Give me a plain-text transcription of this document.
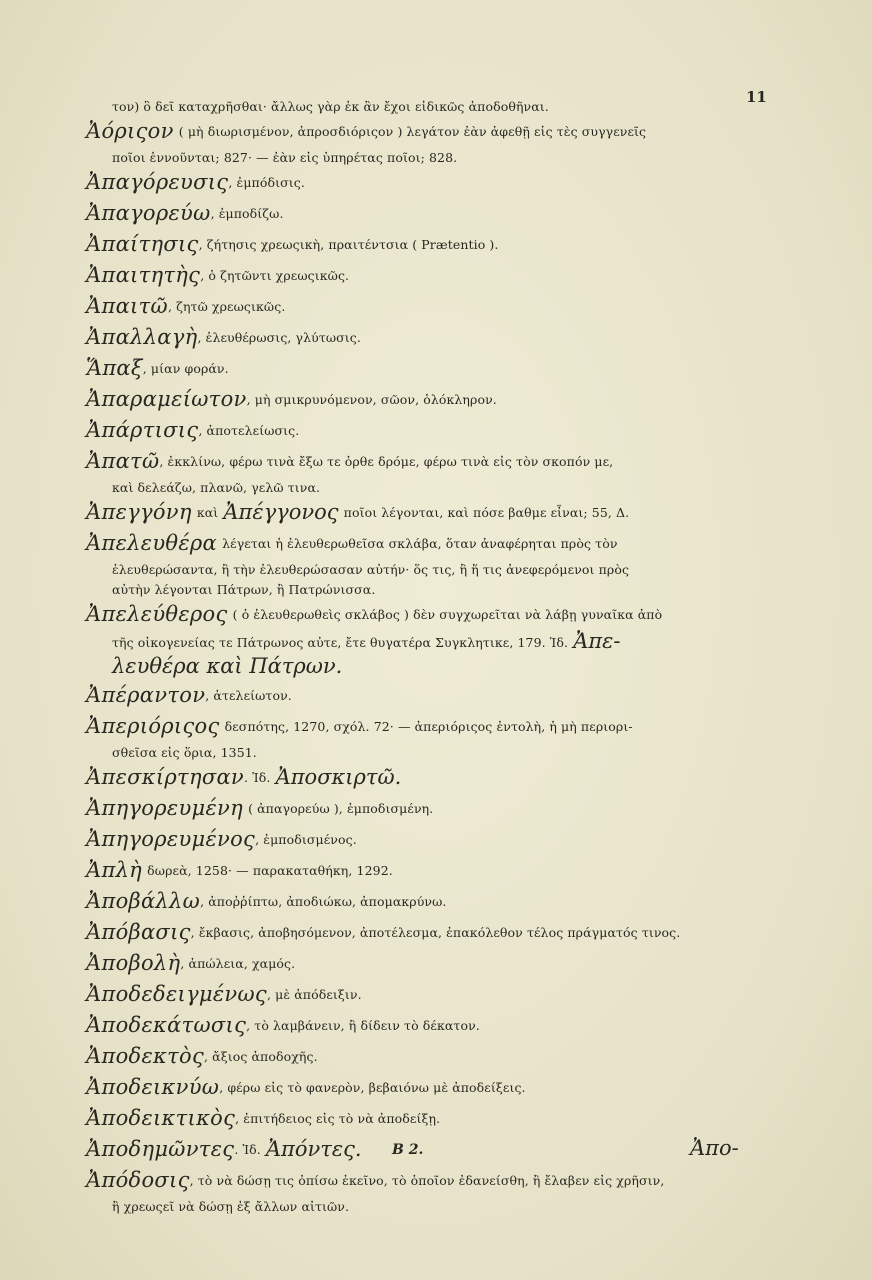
11
τον) ὃ δεῖ καταχρῆσθαι· ἄλλως γὰρ ἐκ ἂν ἔχοι εἰδικῶς ἀποδοθῆναι.
Ἀόριςον
( μὴ διωρισμένον, ἀπροσδιόριςον ) λεγάτον ἐὰν ἀφεθῇ εἰς τὲς συγγενεῖς
ποῖοι ἐννοῦνται; 827· — ἐὰν εἰς ὑπηρέτας ποῖοι; 828.
Ἀπαγόρευσις , ἐμπόδισις.
Ἀπαγορεύω , ἐμποδίζω.
Ἀπαίτησις , ζήτησις χρεωςικὴ, πραιτέντσια ( Prætentio ).
Ἀπαιτητὴς , ὁ ζητῶντι χρεωςικῶς.
Ἀπαιτῶ , ζητῶ χρεωςικῶς.
Ἀπαλλαγὴ , ἐλευθέρωσις, γλύτωσις.
Ἅπαξ , μίαν φοράν.
Ἀπαραμείωτον , μὴ σμικρυνόμενον, σῶον, ὁλόκληρον.
Ἀπάρτισις , ἀποτελείωσις.
Ἀπατῶ , ἐκκλίνω, φέρω τινὰ ἔξω τε ὀρθε δρόμε, φέρω τινὰ εἰς τὸν σκοπόν με,
καὶ δελεάζω, πλανῶ, γελῶ τινα.
Ἀπεγγόνη
καὶ
Ἀπέγγονος
ποῖοι λέγονται, καὶ πόσε βαθμε εἶναι; 55, Δ.
Ἀπελευθέρα
λέγεται ἡ ἐλευθερωθεῖσα σκλάβα, ὅταν ἀναφέρηται πρὸς τὸν
ἐλευθερώσαντα, ἢ τὴν ἐλευθερώσασαν αὐτήν· ὅς τις, ἢ ἥ τις ἀνεφερόμενοι πρὸς
αὐτὴν λέγονται Πάτρων, ἢ Πατρώνισσα.
Ἀπελεύθερος
( ὁ ἐλευθερωθεὶς σκλάβος ) δὲν συγχωρεῖται νὰ λάβῃ γυναῖκα ἀπὸ
τῆς οἰκογενείας τε Πάτρωνος αὐτε, ἔτε θυγατέρα Συγκλητικε, 179. Ἰδ.
Ἀπε-
λευθέρα καὶ Πάτρων.
Ἀπέραντον , ἀτελείωτον.
Ἀπεριόριςος
δεσπότης, 1270, σχόλ. 72· — ἀπεριόριςος ἐντολὴ, ἡ μὴ περιορι-
σθεῖσα εἰς ὅρια, 1351.
Ἀπεσκίρτησαν . Ἰδ.
Ἀποσκιρτῶ.
Ἀπηγορευμένη
( ἀπαγορεύω ), ἐμποδισμένη.
Ἀπηγορευμένος , ἐμποδισμένος.
Ἀπλὴ
δωρεὰ, 1258· — παρακαταθήκη, 1292.
Ἀποβάλλω , ἀποῤῥίπτω, ἀποδιώκω, ἀπομακρύνω.
Ἀπόβασις , ἔκβασις, ἀποβησόμενον, ἀποτέλεσμα, ἐπακόλεθον τέλος πράγματός τινος.
Ἀποβολὴ , ἀπώλεια, χαμός.
Ἀποδεδειγμένως , μὲ ἀπόδειξιν.
Ἀποδεκάτωσις , τὸ λαμβάνειν, ἢ δίδειν τὸ δέκατον.
Ἀποδεκτὸς , ἄξιος ἀποδοχῆς.
Ἀποδεικνύω , φέρω εἰς τὸ φανερὸν, βεβαιόνω μὲ ἀποδείξεις.
Ἀποδεικτικὸς , ἐπιτήδειος εἰς τὸ νὰ ἀποδείξῃ.
Ἀποδημῶντες . Ἰδ.
Ἀπόντες.
Ἀπόδοσις , τὸ νὰ δώσῃ τις ὀπίσω ἐκεῖνο, τὸ ὁποῖον ἐδανείσθη, ἢ ἔλαβεν εἰς χρῆσιν,
ἢ χρεωςεῖ νὰ δώσῃ ἐξ ἄλλων αἰτιῶν.
Β 2.	Ἀπο-
